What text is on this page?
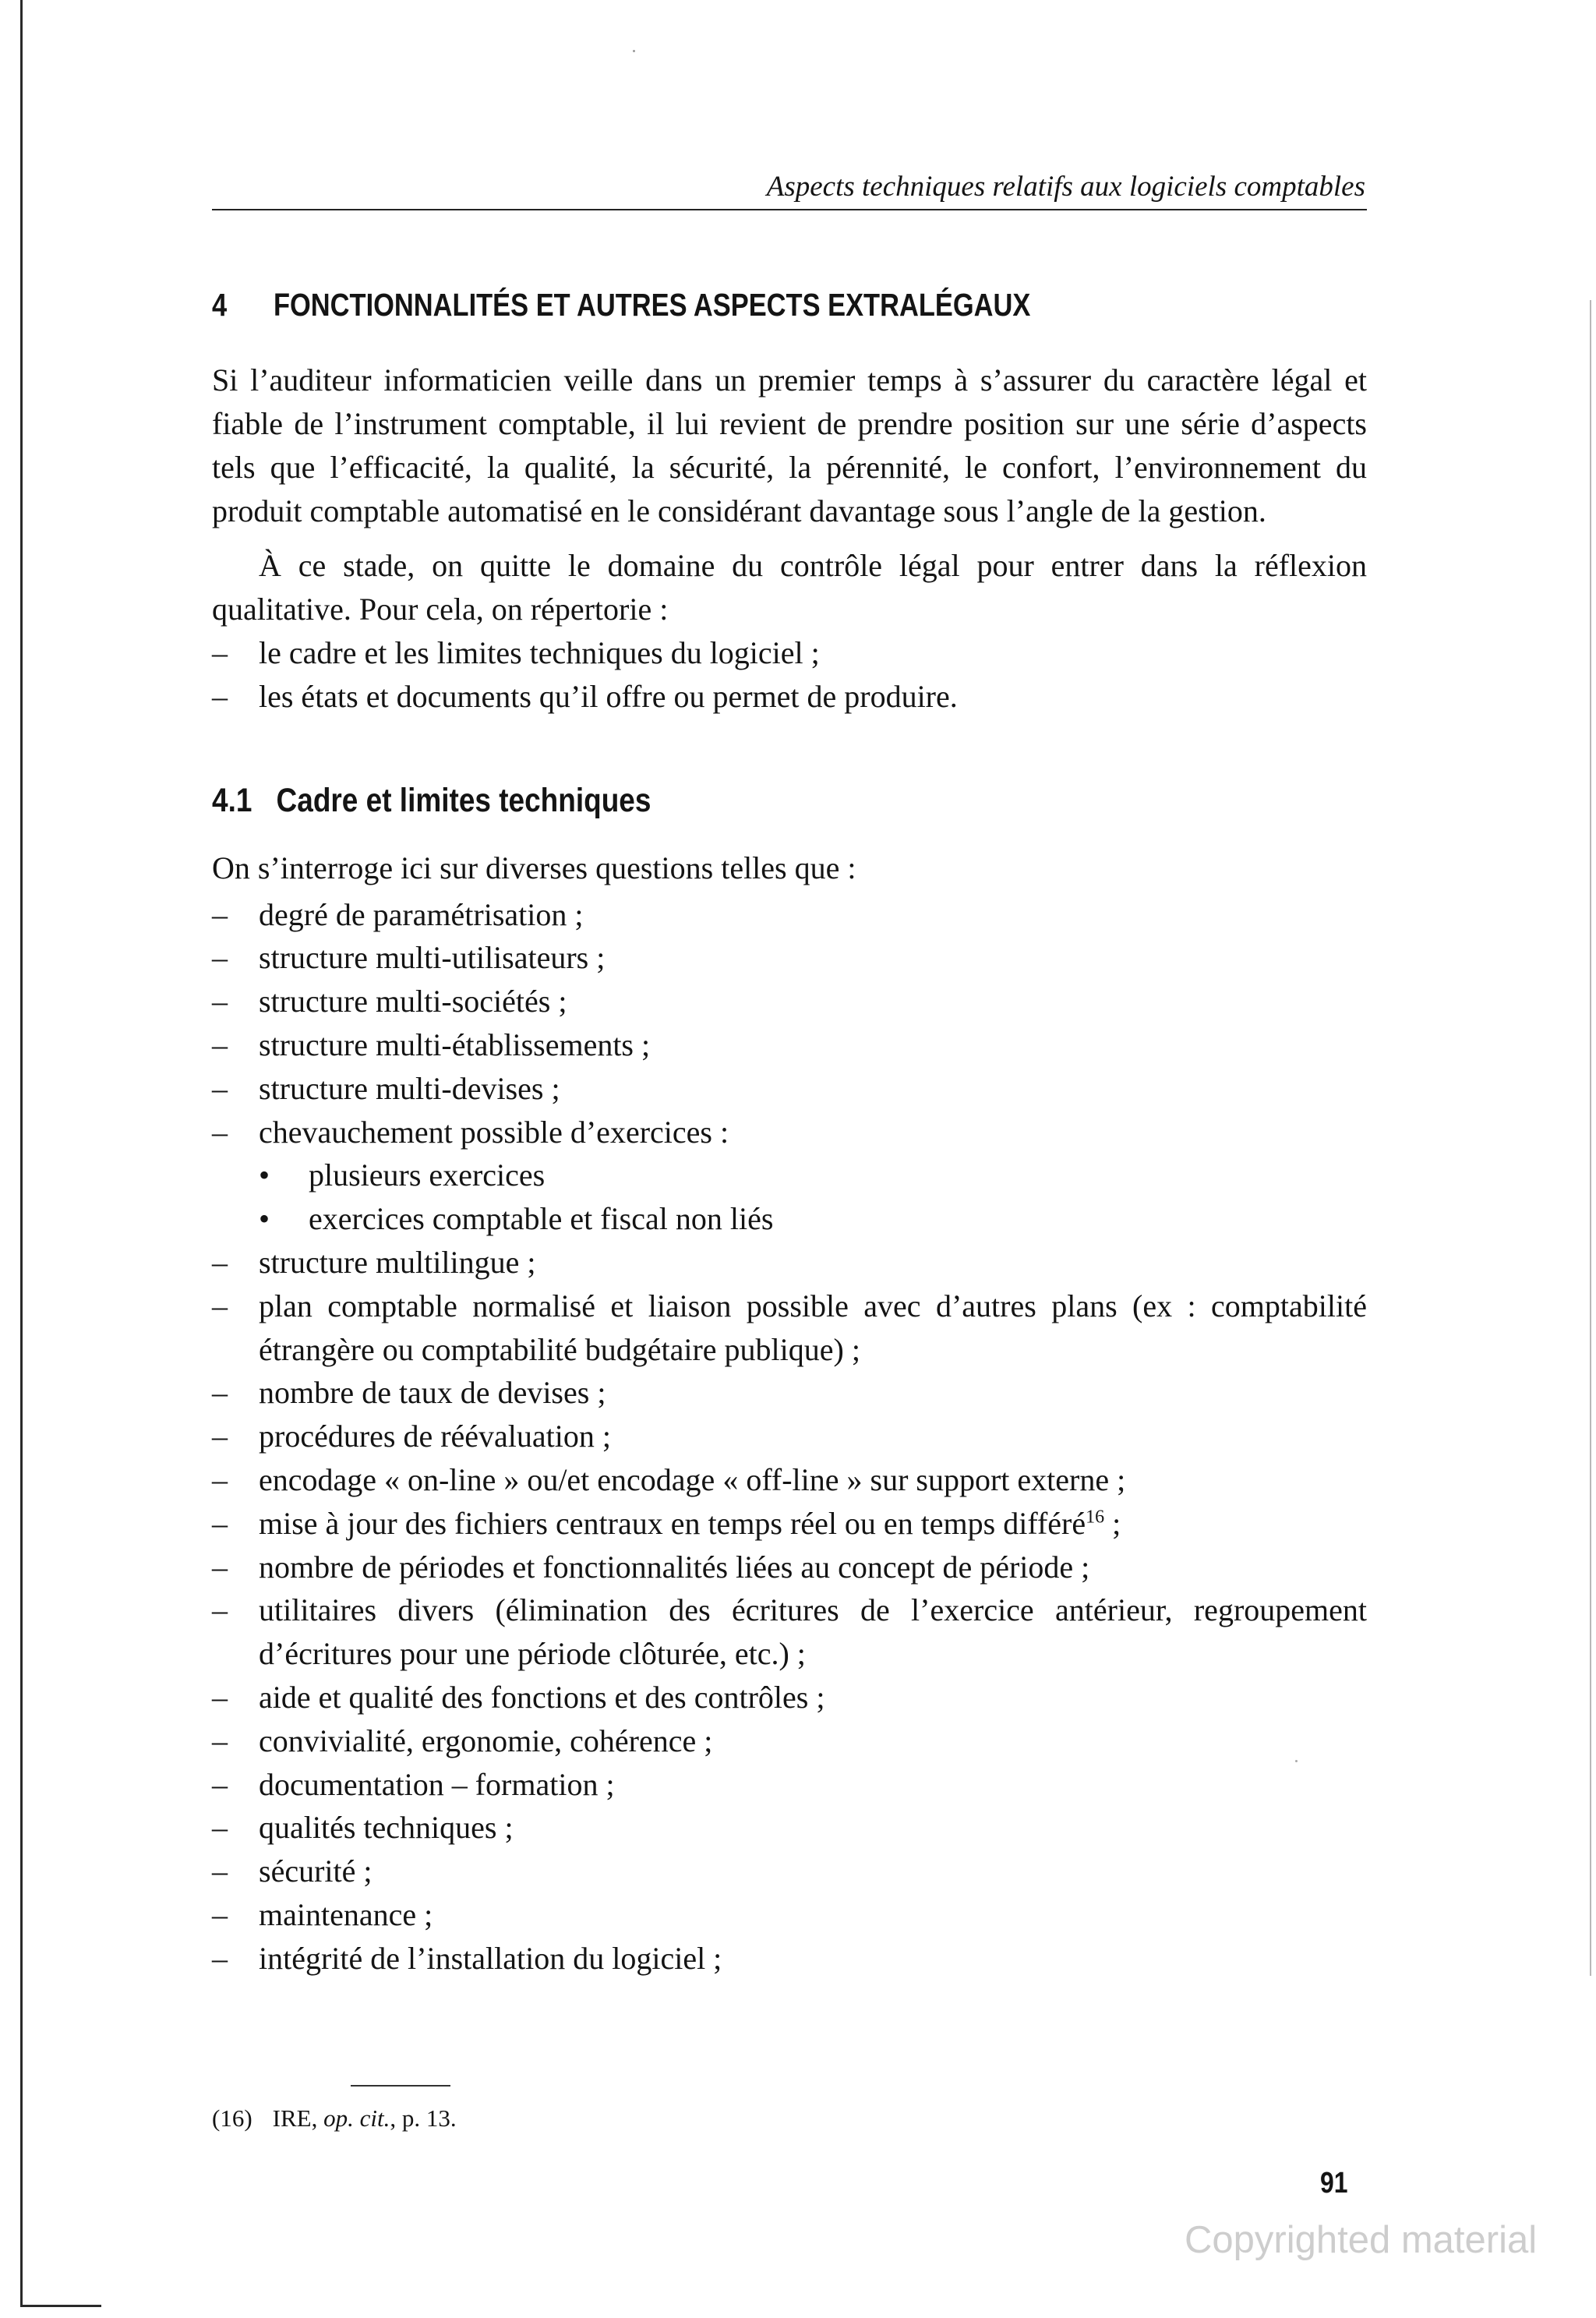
Aspects techniques relatifs aux logiciels comptables
4 FONCTIONNALITÉS ET AUTRES ASPECTS EXTRALÉGAUX

Si l’auditeur informaticien veille dans un premier temps à s’assurer du caractère légal et fiable de l’instrument comptable, il lui revient de prendre position sur une série d’aspects tels que l’efficacité, la qualité, la sécurité, la pérennité, le confort, l’environnement du produit comptable automatisé en le considérant davantage sous l’angle de la gestion.

À ce stade, on quitte le domaine du contrôle légal pour entrer dans la réflexion qualitative. Pour cela, on répertorie :

– le cadre et les limites techniques du logiciel ;
– les états et documents qu’il offre ou permet de produire.
4.1 Cadre et limites techniques

On s’interroge ici sur diverses questions telles que :

– degré de paramétrisation ;
– structure multi-utilisateurs ;
– structure multi-sociétés ;
– structure multi-établissements ;
– structure multi-devises ;
– chevauchement possible d’exercices :
• plusieurs exercices
• exercices comptable et fiscal non liés
– structure multilingue ;
– plan comptable normalisé et liaison possible avec d’autres plans (ex : comptabilité étrangère ou comptabilité budgétaire publique) ;
– nombre de taux de devises ;
– procédures de réévaluation ;
– encodage « on-line » ou/et encodage « off-line » sur support externe ;
– mise à jour des fichiers centraux en temps réel ou en temps différé$^{16}$ ;
– nombre de périodes et fonctionnalités liées au concept de période ;
– utilitaires divers (élimination des écritures de l’exercice antérieur, regroupement d’écritures pour une période clôturée, etc.) ;
– aide et qualité des fonctions et des contrôles ;
– convivialité, ergonomie, cohérence ;
– documentation – formation ;
– qualités techniques ;
– sécurité ;
– maintenance ;
– intégrité de l’installation du logiciel ;
(16) IRE, op. cit., p. 13.
91
Copyrighted material
